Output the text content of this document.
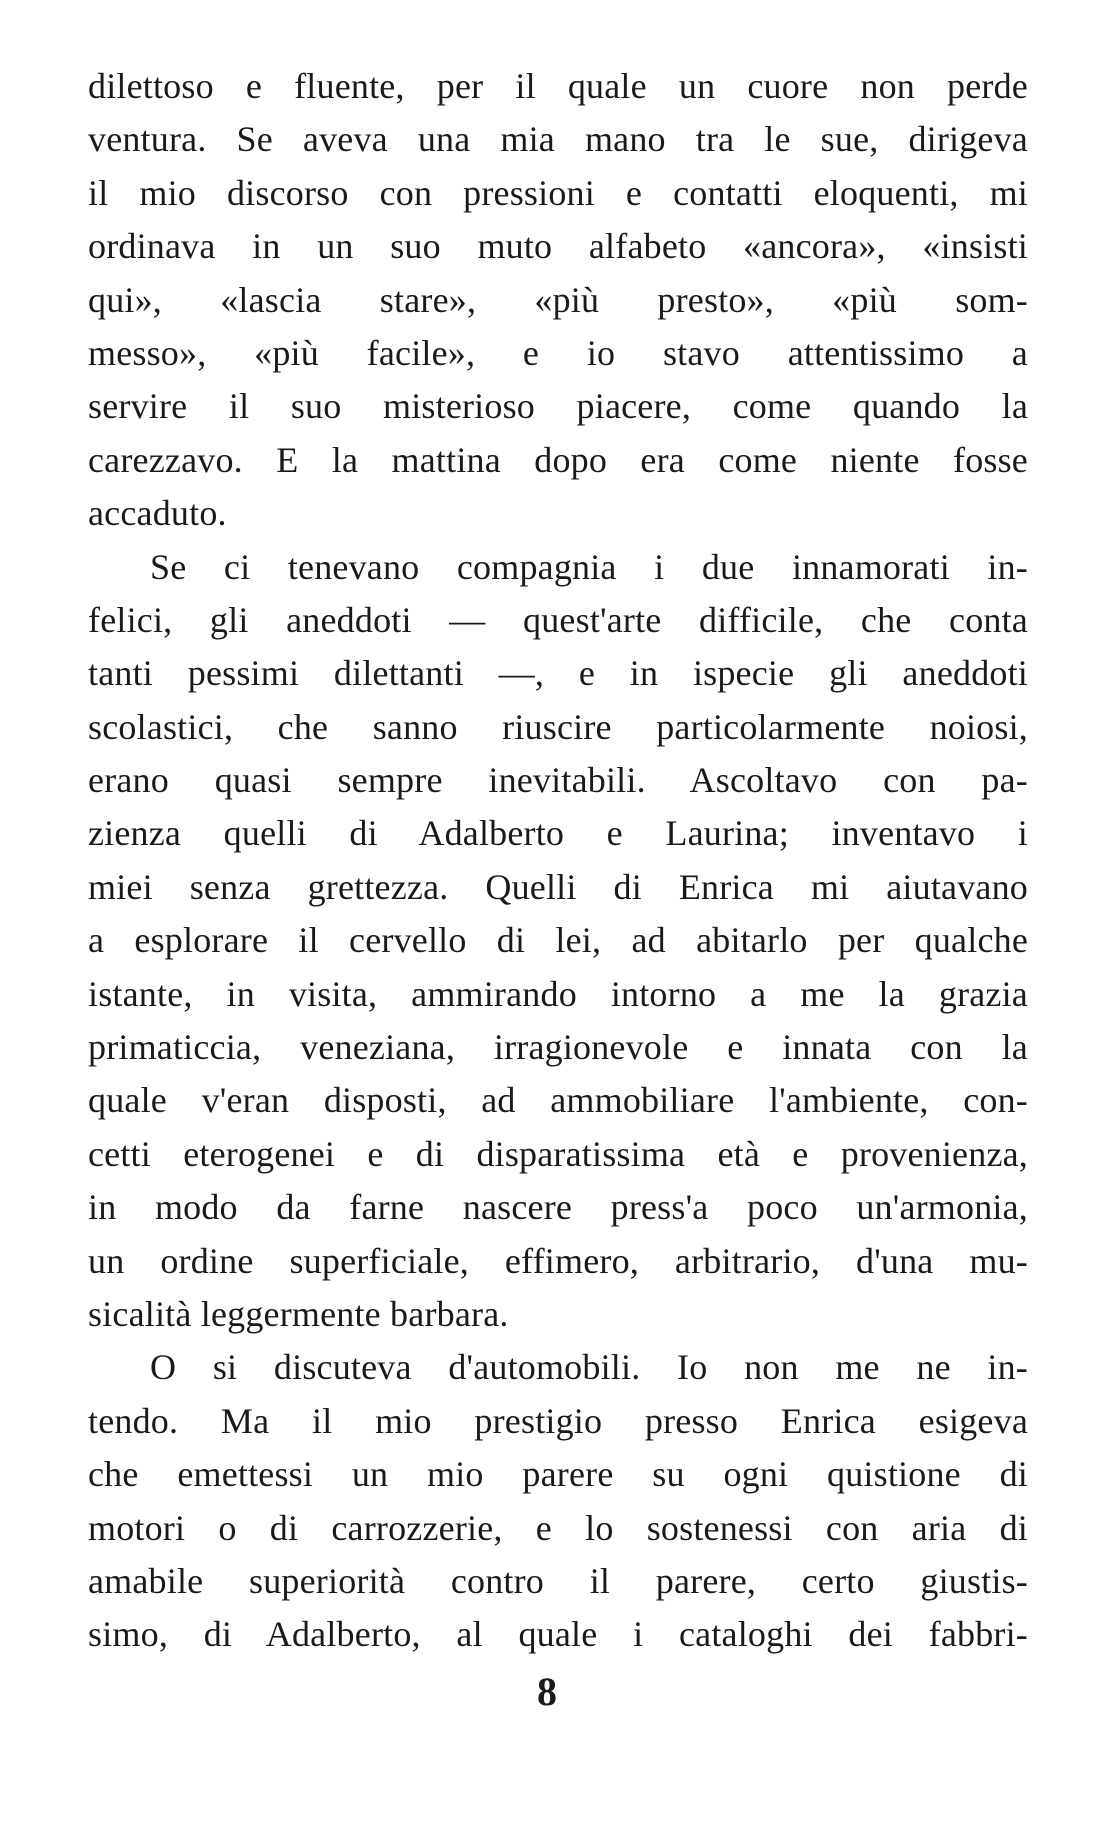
dilettoso e fluente, per il quale un cuore non perde
ventura. Se aveva una mia mano tra le sue, dirigeva
il mio discorso con pressioni e contatti eloquenti, mi
ordinava in un suo muto alfabeto «ancora», «insisti
qui», «lascia stare», «più presto», «più som-
messo», «più facile», e io stavo attentissimo a
servire il suo misterioso piacere, come quando la
carezzavo. E la mattina dopo era come niente fosse
accaduto.
Se ci tenevano compagnia i due innamorati in-
felici, gli aneddoti — quest'arte difficile, che conta
tanti pessimi dilettanti —, e in ispecie gli aneddoti
scolastici, che sanno riuscire particolarmente noiosi,
erano quasi sempre inevitabili. Ascoltavo con pa-
zienza quelli di Adalberto e Laurina; inventavo i
miei senza grettezza. Quelli di Enrica mi aiutavano
a esplorare il cervello di lei, ad abitarlo per qualche
istante, in visita, ammirando intorno a me la grazia
primaticcia, veneziana, irragionevole e innata con la
quale v'eran disposti, ad ammobiliare l'ambiente, con-
cetti eterogenei e di disparatissima età e provenienza,
in modo da farne nascere press'a poco un'armonia,
un ordine superficiale, effimero, arbitrario, d'una mu-
sicalità leggermente barbara.
O si discuteva d'automobili. Io non me ne in-
tendo. Ma il mio prestigio presso Enrica esigeva
che emettessi un mio parere su ogni quistione di
motori o di carrozzerie, e lo sostenessi con aria di
amabile superiorità contro il parere, certo giustis-
simo, di Adalberto, al quale i cataloghi dei fabbri-
8
